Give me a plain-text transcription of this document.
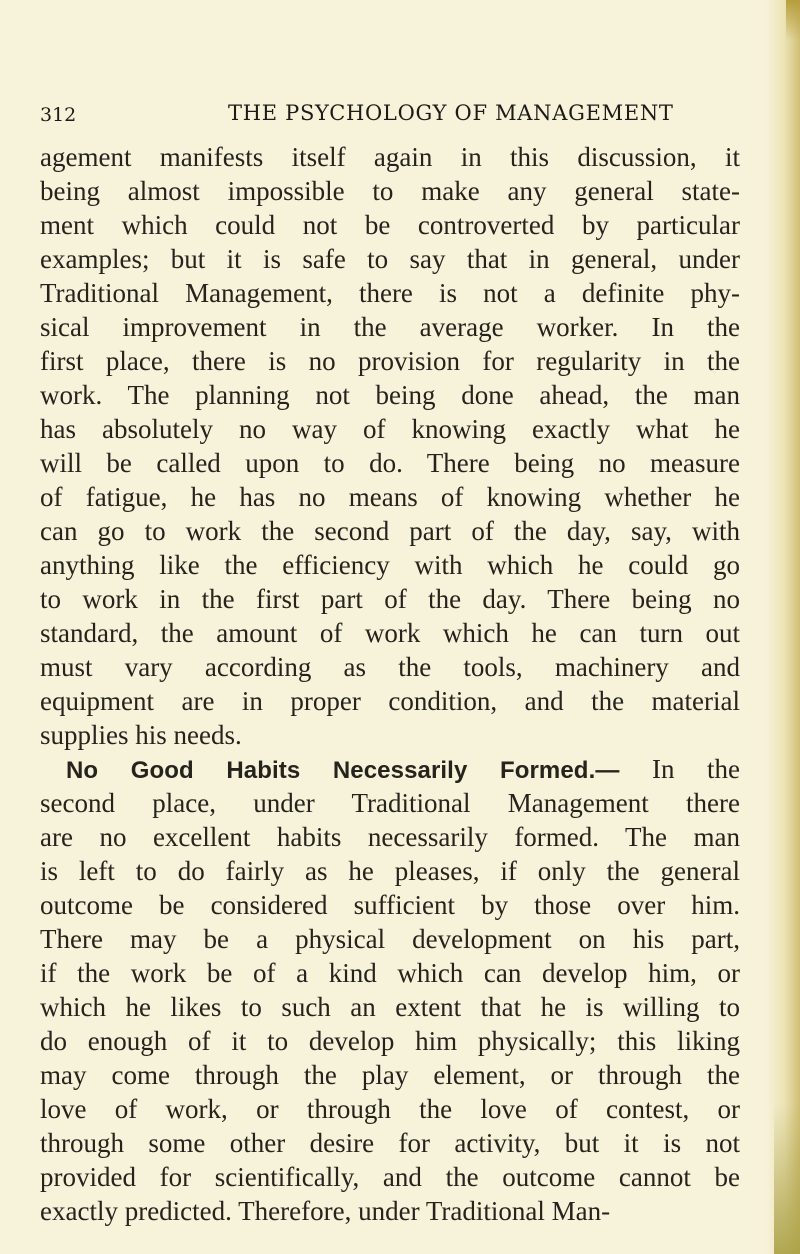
312	THE PSYCHOLOGY OF MANAGEMENT
agement manifests itself again in this discussion, it
being almost impossible to make any general state-
ment which could not be controverted by particular
examples; but it is safe to say that in general, under
Traditional Management, there is not a definite phy-
sical improvement in the average worker. In the
first place, there is no provision for regularity in the
work. The planning not being done ahead, the man
has absolutely no way of knowing exactly what he
will be called upon to do. There being no measure
of fatigue, he has no means of knowing whether he
can go to work the second part of the day, say, with
anything like the efficiency with which he could go
to work in the first part of the day. There being no
standard, the amount of work which he can turn out
must vary according as the tools, machinery and
equipment are in proper condition, and the material
supplies his needs.
No Good Habits Necessarily Formed.— In the
second place, under Traditional Management there
are no excellent habits necessarily formed. The man
is left to do fairly as he pleases, if only the general
outcome be considered sufficient by those over him.
There may be a physical development on his part,
if the work be of a kind which can develop him, or
which he likes to such an extent that he is willing to
do enough of it to develop him physically; this liking
may come through the play element, or through the
love of work, or through the love of contest, or
through some other desire for activity, but it is not
provided for scientifically, and the outcome cannot be
exactly predicted. Therefore, under Traditional Man-
